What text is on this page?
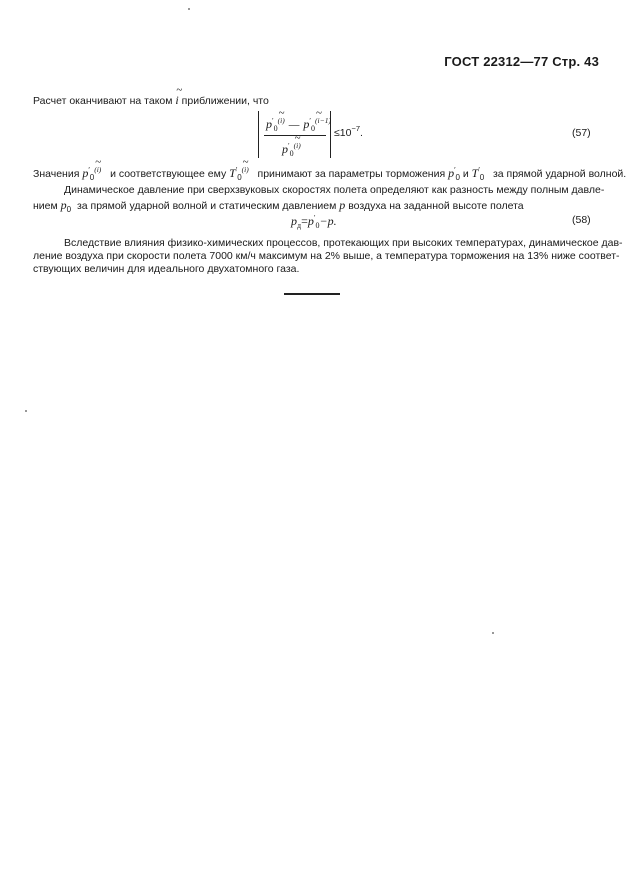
ГОСТ 22312—77 Стр. 43
Расчет оканчивают на таком ~ i приближении, что
p′0~ $^{(i)}$ — p′0~ $^{(i-1)}$
p′0~ $^{(i)}$
$\le 10^{-7}$.	(57)
Значения $p'_0\sim$ $^{(i)}$ и соответствующее ему $T'_0\sim$ $^{(i)}$ принимают за параметры торможения $p'_0$ и $T'_0$ за прямой ударной волной.
Динамическое давление при сверхзвуковых скоростях полета определяют как разность между полным давле-
нием $p_0$ за прямой ударной волной и статическим давлением p воздуха на заданной высоте полета
$p_д=p'_0-p$.	(58)
Вследствие влияния физико-химических процессов, протекающих при высоких температурах, динамическое дав-
ление воздуха при скорости полета 7000 км/ч максимум на 2% выше, а температура торможения на 13% ниже соответ-
ствующих величин для идеального двухатомного газа.
